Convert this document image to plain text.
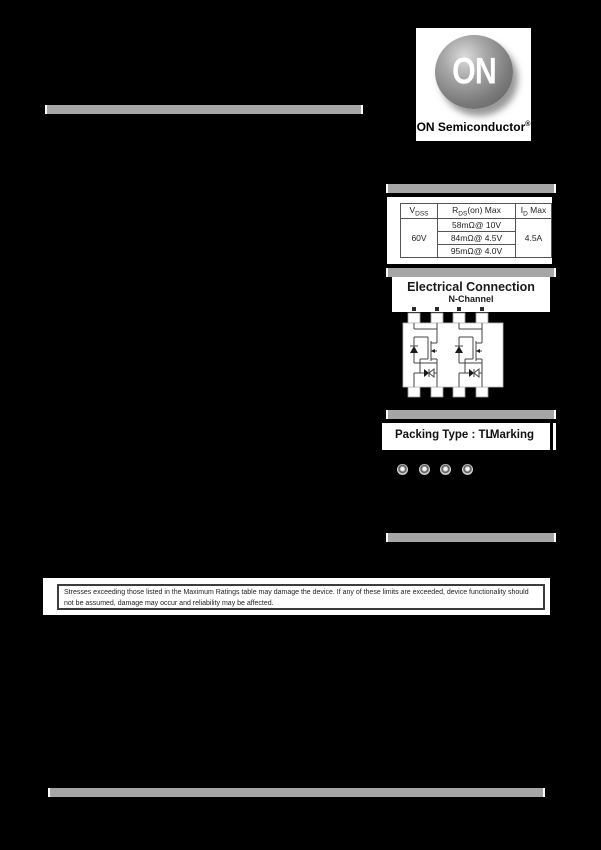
ON
ON Semiconductor®
$V_{DSS}$	$R_{DS}(on)$ Max	$I_D$ Max
60V	58mΩ@ 10V	4.5A
	84mΩ@ 4.5V	
	95mΩ@ 4.0V	
Electrical Connection
N-Channel
Packing Type : TL
Marking
Stresses exceeding those listed in the Maximum Ratings table may damage the device. If any of these limits are exceeded, device functionality should not be assumed, damage may occur and reliability may be affected.
